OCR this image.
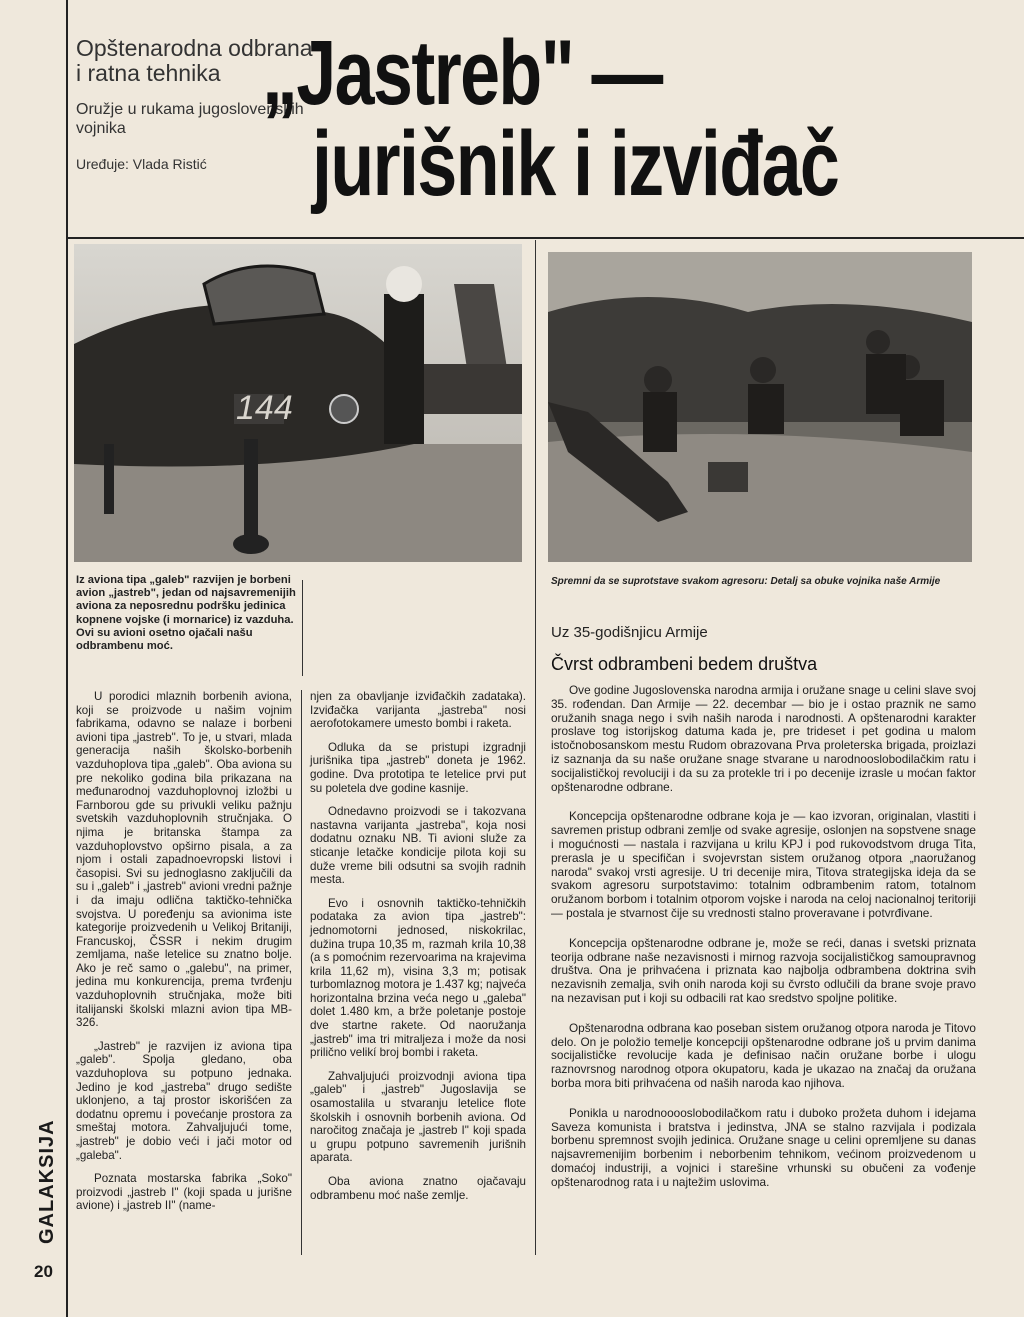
Opštenarodna odbrana i ratna tehnika
Oružje u rukama jugoslovenskih vojnika
Uređuje: Vlada Ristić
„Jastreb" —
jurišnik i izviđač
144
Iz aviona tipa „galeb" razvijen je borbeni avion „jastreb", jedan od najsavremenijih aviona za neposrednu podršku jedinica kopnene vojske (i mornarice) iz vazduha. Ovi su avioni osetno ojačali našu odbrambenu moć.

U porodici mlaznih borbenih aviona, koji se proizvode u našim vojnim fabrikama, odavno se nalaze i borbeni avioni tipa „jastreb". To je, u stvari, mlada generacija naših školsko-borbenih vazduhoplova tipa „galeb". Oba aviona su pre nekoliko godina bila prikazana na međunarodnoj vazduhoplovnoj izložbi u Farnborou gde su privukli veliku pažnju svetskih vazduhoplovnih stručnjaka. O njima je britanska štampa za vazduhoplovstvo opširno pisala, a za njom i ostali zapadnoevropski listovi i časopisi. Svi su jednoglasno zaključili da su i „galeb" i „jastreb" avioni vredni pažnje i da imaju odlična taktičko-tehnička svojstva. U poređenju sa avionima iste kategorije proizvedenih u Velikoj Britaniji, Francuskoj, ČSSR i nekim drugim zemljama, naše letelice su znatno bolje. Ako je reč samo o „galebu", na primer, jedina mu konkurencija, prema tvrđenju vazduhoplovnih stručnjaka, može biti italijanski školski mlazni avion tipa MB-326.

„Jastreb" je razvijen iz aviona tipa „galeb". Spolja gledano, oba vazduhoplova su potpuno jednaka. Jedino je kod „jastreba" drugo sedište uklonjeno, a taj prostor iskorišćen za dodatnu opremu i povećanje prostora za smeštaj motora. Zahvaljujući tome, „jastreb" je dobio veći i jači motor od „galeba".

Poznata mostarska fabrika „Soko" proizvodi „jastreb I" (koji spada u jurišne avione) i „jastreb II" (name-

njen za obavljanje izviđačkih zadataka). Izviđačka varijanta „jastreba" nosi aerofotokamere umesto bombi i raketa.

Odluka da se pristupi izgradnji jurišnika tipa „jastreb" doneta je 1962. godine. Dva prototipa te letelice prvi put su poletela dve godine kasnije.

Odnedavno proizvodi se i takozvana nastavna varijanta „jastreba", koja nosi dodatnu oznaku NB. Ti avioni služe za sticanje letačke kondicije pilota koji su duže vreme bili odsutni sa svojih radnih mesta.

Evo i osnovnih taktičko-tehničkih podataka za avion tipa „jastreb": jednomotorni jednosed, niskokrilac, dužina trupa 10,35 m, razmah krila 10,38 (a s pomoćnim rezervoarima na krajevima krila 11,62 m), visina 3,3 m; potisak turbomlaznog motora je 1.437 kg; najveća horizontalna brzina veća nego u „galeba" dolet 1.480 km, a brže poletanje postoje dve startne rakete. Od naoružanja „jastreb" ima tri mitraljeza i može da nosi prilično velikí broj bombi i raketa.

Zahvaljujući proizvodnji aviona tipa „galeb" i „jastreb" Jugoslavija se osamostalila u stvaranju letelice flote školskih i osnovnih borbenih aviona. Od naročitog značaja je „jastreb I" koji spada u grupu potpuno savremenih jurišnih aparata.

Oba aviona znatno ojačavaju odbrambenu moć naše zemlje.

Spremni da se suprotstave svakom agresoru: Detalj sa obuke vojnika naše Armije
Uz 35-godišnjicu Armije
Čvrst odbrambeni bedem društva

Ove godine Jugoslovenska narodna armija i oružane snage u celini slave svoj 35. rođendan. Dan Armije — 22. decembar — bio je i ostao praznik ne samo oružanih snaga nego i svih naših naroda i narodnosti. A opštenarodni karakter proslave tog istorijskog datuma kada je, pre trideset i pet godina u malom istočnobosanskom mestu Rudom obrazovana Prva proleterska brigada, proizlazi iz saznanja da su naše oružane snage stvarane u narodnooslobodilačkim ratu i socijalističkoj revoluciji i da su za protekle tri i po decenije izrasle u moćan faktor opštenarodne odbrane.

Koncepcija opštenarodne odbrane koja je — kao izvoran, originalan, vlastiti i savremen pristup odbrani zemlje od svake agresije, oslonjen na sopstvene snage i mogućnosti — nastala i razvijana u krilu KPJ i pod rukovodstvom druga Tita, prerasla je u specifičan i svojevrstan sistem oružanog otpora „naoružanog naroda" svakoj vrsti agresije. U tri decenije mira, Titova strategijska ideja da se svakom agresoru surpotstavimo: totalnim odbrambenim ratom, totalnom oružanom borbom i totalnim otporom vojske i naroda na celoj nacionalnoj teritoriji — postala je stvarnost čije su vrednosti stalno proveravane i potvrđivane.

Koncepcija opštenarodne odbrane je, može se reći, danas i svetski priznata teorija odbrane naše nezavisnosti i mirnog razvoja socijalističkog samoupravnog društva. Ona je prihvaćena i priznata kao najbolja odbrambena doktrina svih nezavisnih zemalja, svih onih naroda koji su čvrsto odlučili da brane svoje pravo na nezavisan put i koji su odbacili rat kao sredstvo spoljne politike.

Opštenarodna odbrana kao poseban sistem oružanog otpora naroda je Titovo delo. On je položio temelje koncepciji opštenarodne odbrane još u prvim danima socijalističke revolucije kada je definisao način oružane borbe i ulogu raznovrsnog narodnog otpora okupatoru, kada je ukazao na značaj da oružana borba mora biti prihvaćena od naših naroda kao njihova.

Ponikla u narodnooooslobodilačkom ratu i duboko prožeta duhom i idejama Saveza komunista i bratstva i jedinstva, JNA se stalno razvijala i podizala borbenu spremnost svojih jedinica. Oružane snage u celini opremljene su danas najsavremenijim borbenim i neborbenim tehnikom, većinom proizvedenom u domaćoj industriji, a vojnici i starešine vrhunski su obučeni za vođenje opštenarodnog rata i u najtežim uslovima.

GALAKSIJA
20
